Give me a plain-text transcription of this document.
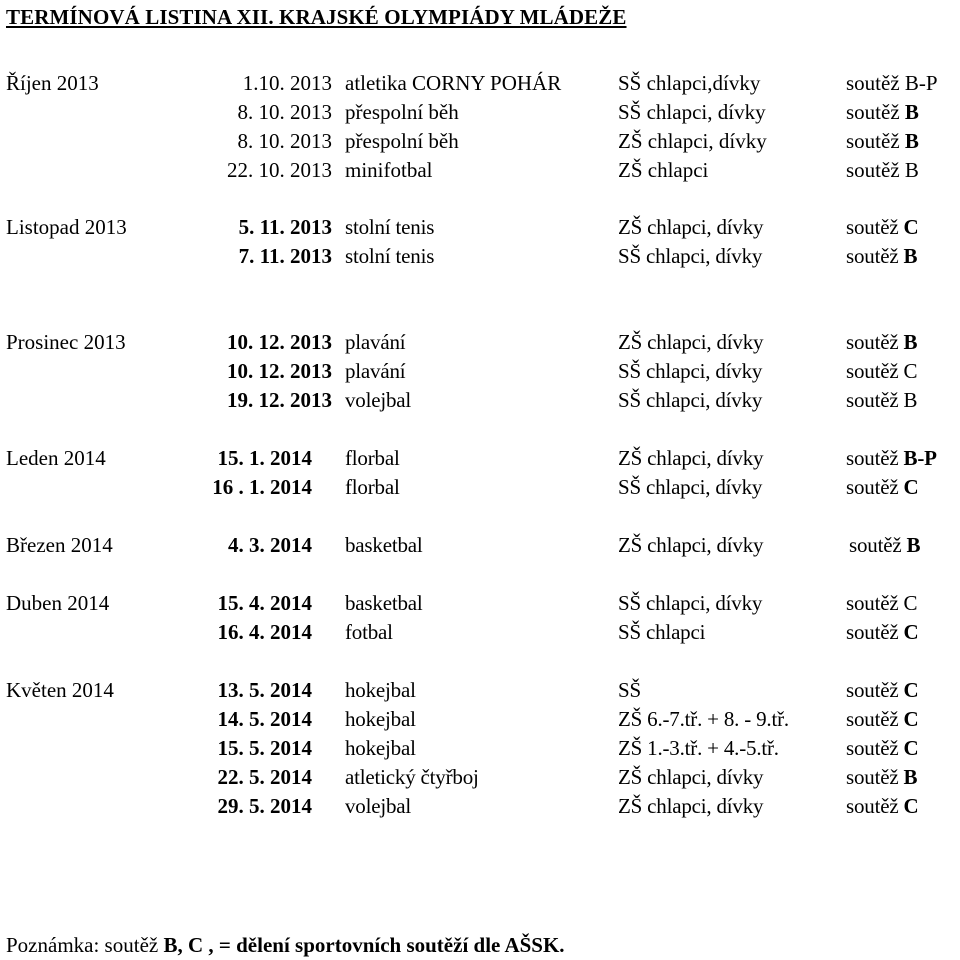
TERMÍNOVÁ LISTINA XII. KRAJSKÉ OLYMPIÁDY MLÁDEŽE
Říjen 2013	1.10. 2013 atletika CORNY POHÁR	SŠ chlapci,dívky	soutěž B-P
8. 10. 2013 přespolní běh	SŠ chlapci, dívky	soutěž B
8. 10. 2013 přespolní běh	ZŠ chlapci, dívky	soutěž B
22. 10. 2013 minifotbal	ZŠ chlapci	soutěž B
Listopad 2013	5. 11. 2013 stolní tenis	ZŠ chlapci, dívky	soutěž C
7. 11. 2013 stolní tenis	SŠ chlapci, dívky	soutěž B
Prosinec 2013	10. 12. 2013 plavání	ZŠ chlapci, dívky	soutěž B
10. 12. 2013 plavání	SŠ chlapci, dívky	soutěž C
19. 12. 2013 volejbal	SŠ chlapci, dívky	soutěž B
Leden 2014	15. 1. 2014 florbal	ZŠ chlapci, dívky	soutěž B-P
16 . 1. 2014 florbal	SŠ chlapci, dívky	soutěž C
Březen 2014	4. 3. 2014 basketbal	ZŠ chlapci, dívky	soutěž B
Duben 2014	15. 4. 2014 basketbal	SŠ chlapci, dívky	soutěž C
16. 4. 2014 fotbal	SŠ chlapci	soutěž C
Květen 2014	13. 5. 2014 hokejbal	SŠ	soutěž C
14. 5. 2014 hokejbal	ZŠ 6.-7.tř. + 8. - 9.tř.	soutěž C
15. 5. 2014 hokejbal	ZŠ 1.-3.tř. + 4.-5.tř.	soutěž C
22. 5. 2014 atletický čtyřboj	ZŠ chlapci, dívky	soutěž B
29. 5. 2014 volejbal	ZŠ chlapci, dívky	soutěž C
Poznámka: soutěž B, C , = dělení sportovních soutěží dle AŠSK.
